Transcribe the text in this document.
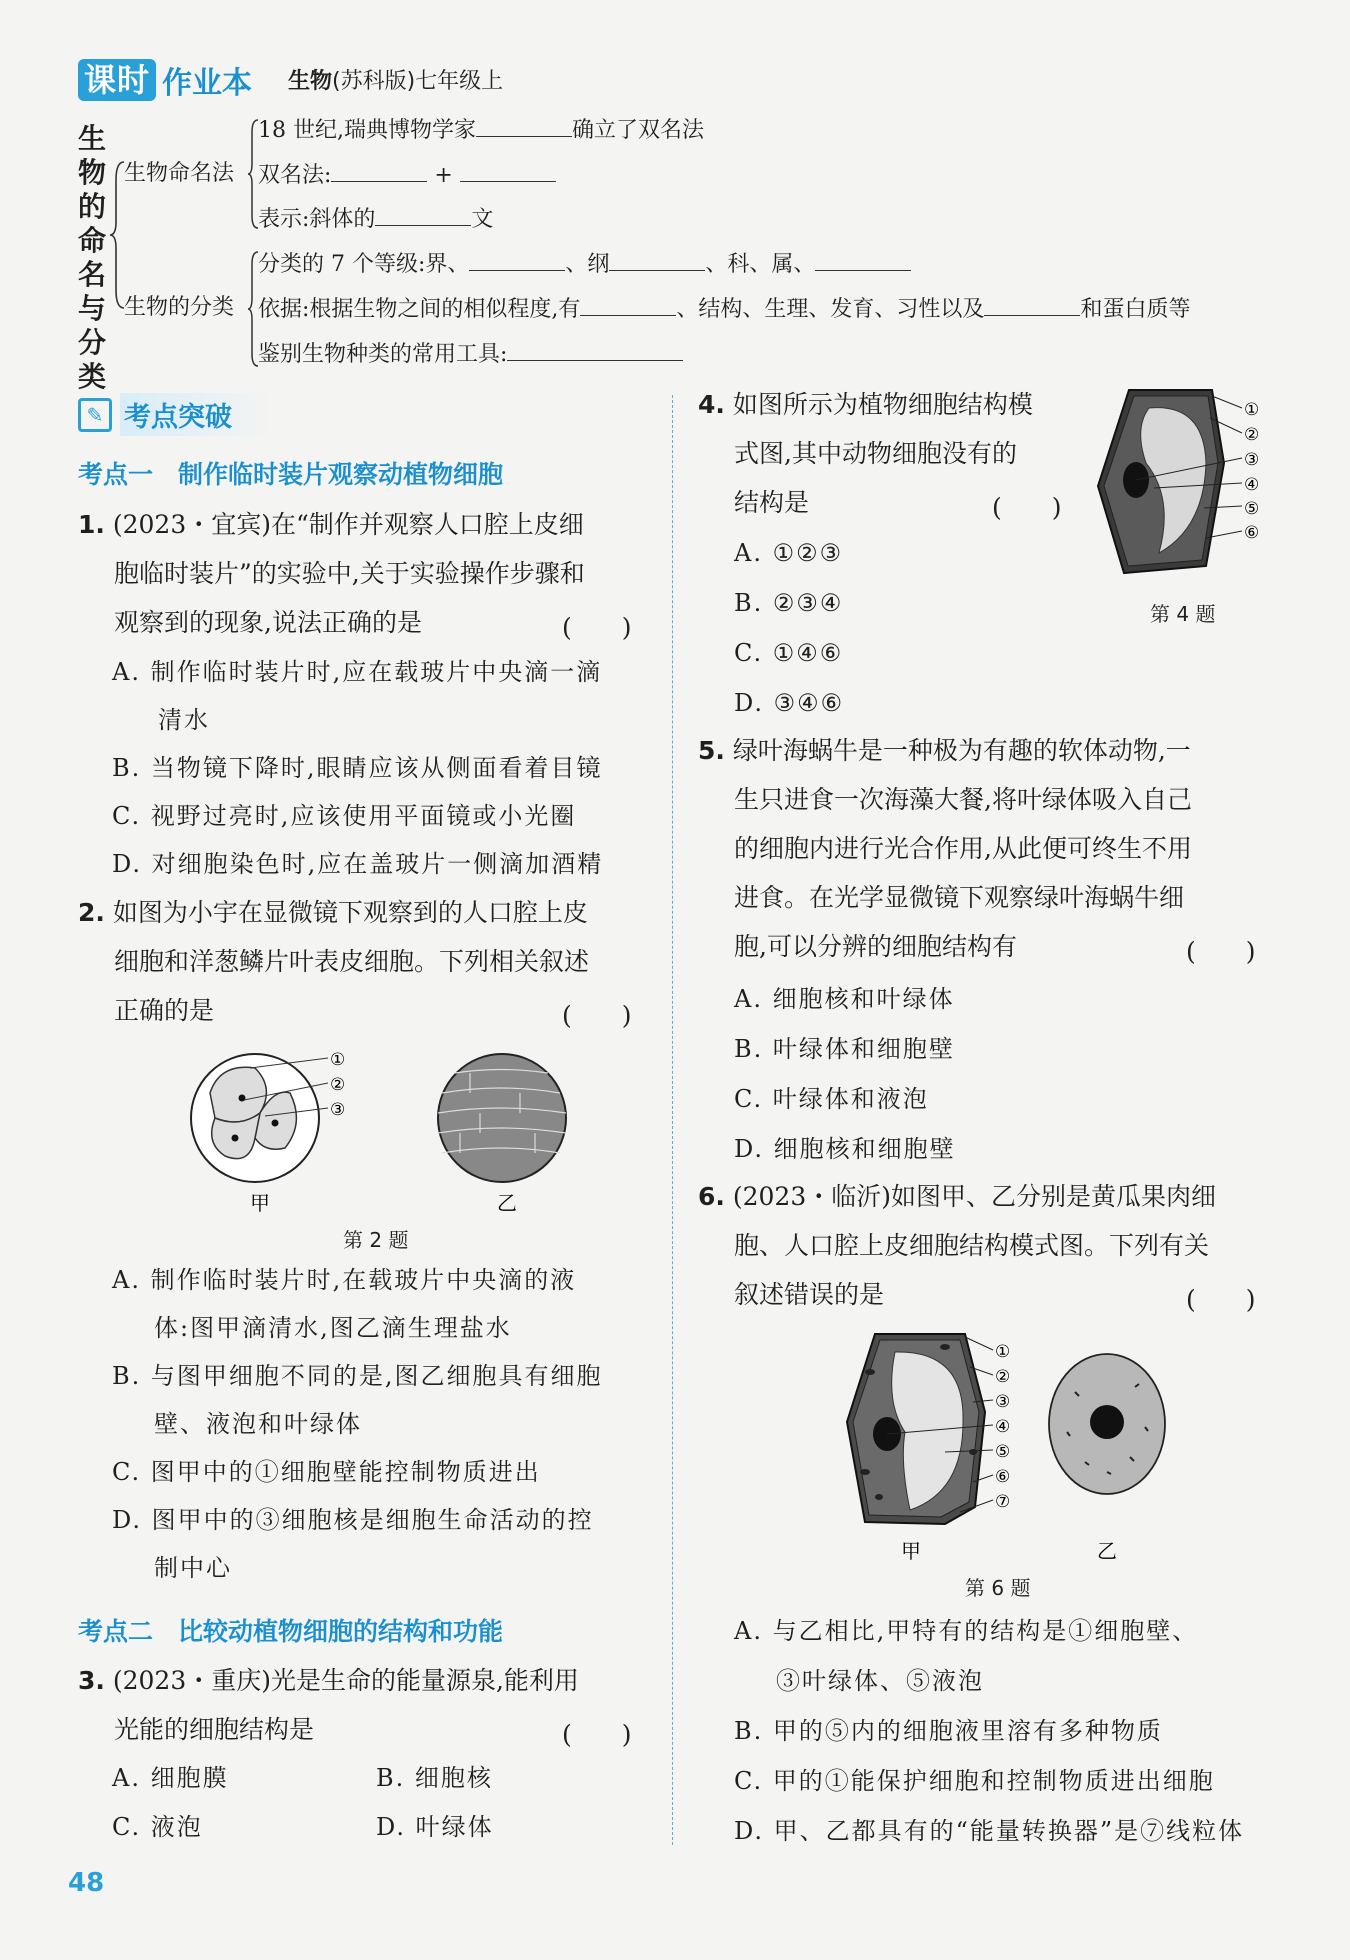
课时 作业本 生物(苏科版)七年级上
生物的命名与分类
生物命名法
18 世纪,瑞典博物学家	确立了双名法
双名法:	+
表示:斜体的	文
生物的分类
分类的 7 个等级:界、	、纲	、科、属、
依据:根据生物之间的相似程度,有	、结构、生理、发育、习性以及	和蛋白质等
鉴别生物种类的常用工具:
✎ 考点突破
考点一　制作临时装片观察动植物细胞
1. (2023・宜宾)在“制作并观察人口腔上皮细
胞临时装片”的实验中,关于实验操作步骤和
观察到的现象,说法正确的是	(　　)
A. 制作临时装片时,应在载玻片中央滴一滴
清水
B. 当物镜下降时,眼睛应该从侧面看着目镜
C. 视野过亮时,应该使用平面镜或小光圈
D. 对细胞染色时,应在盖玻片一侧滴加酒精
2. 如图为小宇在显微镜下观察到的人口腔上皮
细胞和洋葱鳞片叶表皮细胞。下列相关叙述
正确的是	(　　)
①
②
③
甲	乙
第 2 题
A. 制作临时装片时,在载玻片中央滴的液
体:图甲滴清水,图乙滴生理盐水
B. 与图甲细胞不同的是,图乙细胞具有细胞
壁、液泡和叶绿体
C. 图甲中的①细胞壁能控制物质进出
D. 图甲中的③细胞核是细胞生命活动的控
制中心
考点二　比较动植物细胞的结构和功能
3. (2023・重庆)光是生命的能量源泉,能利用
光能的细胞结构是	(　　)
A. 细胞膜	B. 细胞核
C. 液泡	D. 叶绿体
4. 如图所示为植物细胞结构模
式图,其中动物细胞没有的
结构是	(　　)
A. ①②③
B. ②③④
C. ①④⑥
D. ③④⑥
①
②
③
④
⑤
⑥
第 4 题
5. 绿叶海蜗牛是一种极为有趣的软体动物,一
生只进食一次海藻大餐,将叶绿体吸入自己
的细胞内进行光合作用,从此便可终生不用
进食。在光学显微镜下观察绿叶海蜗牛细
胞,可以分辨的细胞结构有	(　　)
A. 细胞核和叶绿体
B. 叶绿体和细胞壁
C. 叶绿体和液泡
D. 细胞核和细胞壁
6. (2023・临沂)如图甲、乙分别是黄瓜果肉细
胞、人口腔上皮细胞结构模式图。下列有关
叙述错误的是	(　　)
①
②
③
④
⑤
⑥
⑦
甲	乙
第 6 题
A. 与乙相比,甲特有的结构是①细胞壁、
③叶绿体、⑤液泡
B. 甲的⑤内的细胞液里溶有多种物质
C. 甲的①能保护细胞和控制物质进出细胞
D. 甲、乙都具有的“能量转换器”是⑦线粒体
48
